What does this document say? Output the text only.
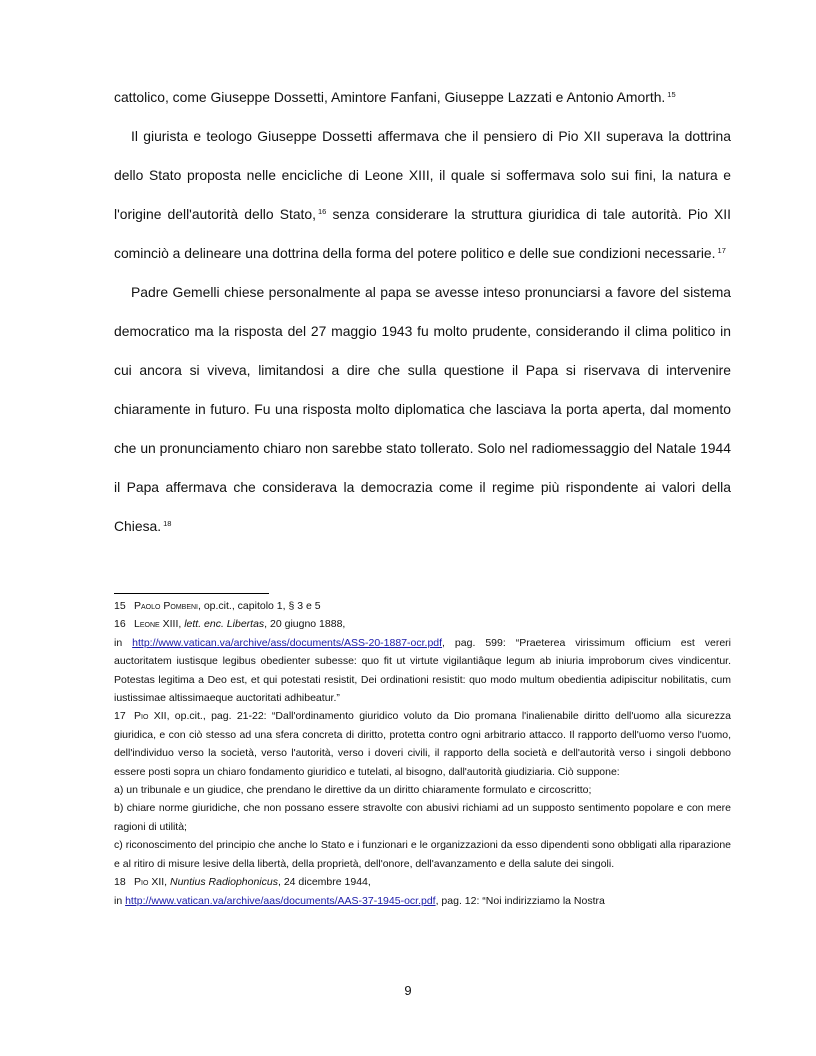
cattolico, come Giuseppe Dossetti, Amintore Fanfani, Giuseppe Lazzati e Antonio Amorth. $^{15}$

Il giurista e teologo Giuseppe Dossetti affermava che il pensiero di Pio XII superava la dottrina dello Stato proposta nelle encicliche di Leone XIII, il quale si soffermava solo sui fini, la natura e l'origine dell'autorità dello Stato, $^{16}$ senza considerare la struttura giuridica di tale autorità. Pio XII cominciò a delineare una dottrina della forma del potere politico e delle sue condizioni necessarie. $^{17}$

Padre Gemelli chiese personalmente al papa se avesse inteso pronunciarsi a favore del sistema democratico ma la risposta del 27 maggio 1943 fu molto prudente, considerando il clima politico in cui ancora si viveva, limitandosi a dire che sulla questione il Papa si riservava di intervenire chiaramente in futuro. Fu una risposta molto diplomatica che lasciava la porta aperta, dal momento che un pronunciamento chiaro non sarebbe stato tollerato. Solo nel radiomessaggio del Natale 1944 il Papa affermava che considerava la democrazia come il regime più rispondente ai valori della Chiesa. $^{18}$

15 Paolo Pombeni, op.cit., capitolo 1, § 3 e 5

16 Leone XIII, lett. enc. Libertas, 20 giugno 1888,
in http://www.vatican.va/archive/ass/documents/ASS-20-1887-ocr.pdf, pag. 599: “Praeterea virissimum officium est vereri auctoritatem iustisque legibus obedienter subesse: quo fit ut virtute vigilantiâque legum ab iniuria improborum cives vindicentur. Potestas legitima a Deo est, et qui potestati resistit, Dei ordinationi resistit: quo modo multum obedientia adipiscitur nobilitatis, cum iustissimae altissimaeque auctoritati adhibeatur.”

17 Pio XII, op.cit., pag. 21-22: “Dall'ordinamento giuridico voluto da Dio promana l'inalienabile diritto dell'uomo alla sicurezza giuridica, e con ciò stesso ad una sfera concreta di diritto, protetta contro ogni arbitrario attacco. Il rapporto dell'uomo verso l'uomo, dell'individuo verso la società, verso l'autorità, verso i doveri civili, il rapporto della società e dell'autorità verso i singoli debbono essere posti sopra un chiaro fondamento giuridico e tutelati, al bisogno, dall'autorità giudiziaria. Ciò suppone:

a) un tribunale e un giudice, che prendano le direttive da un diritto chiaramente formulato e circoscritto;

b) chiare norme giuridiche, che non possano essere stravolte con abusivi richiami ad un supposto sentimento popolare e con mere ragioni di utilità;

c) riconoscimento del principio che anche lo Stato e i funzionari e le organizzazioni da esso dipendenti sono obbligati alla riparazione e al ritiro di misure lesive della libertà, della proprietà, dell'onore, dell'avanzamento e della salute dei singoli.

18 Pio XII, Nuntius Radiophonicus, 24 dicembre 1944,
in http://www.vatican.va/archive/aas/documents/AAS-37-1945-ocr.pdf, pag. 12: “Noi indirizziamo la Nostra

9
